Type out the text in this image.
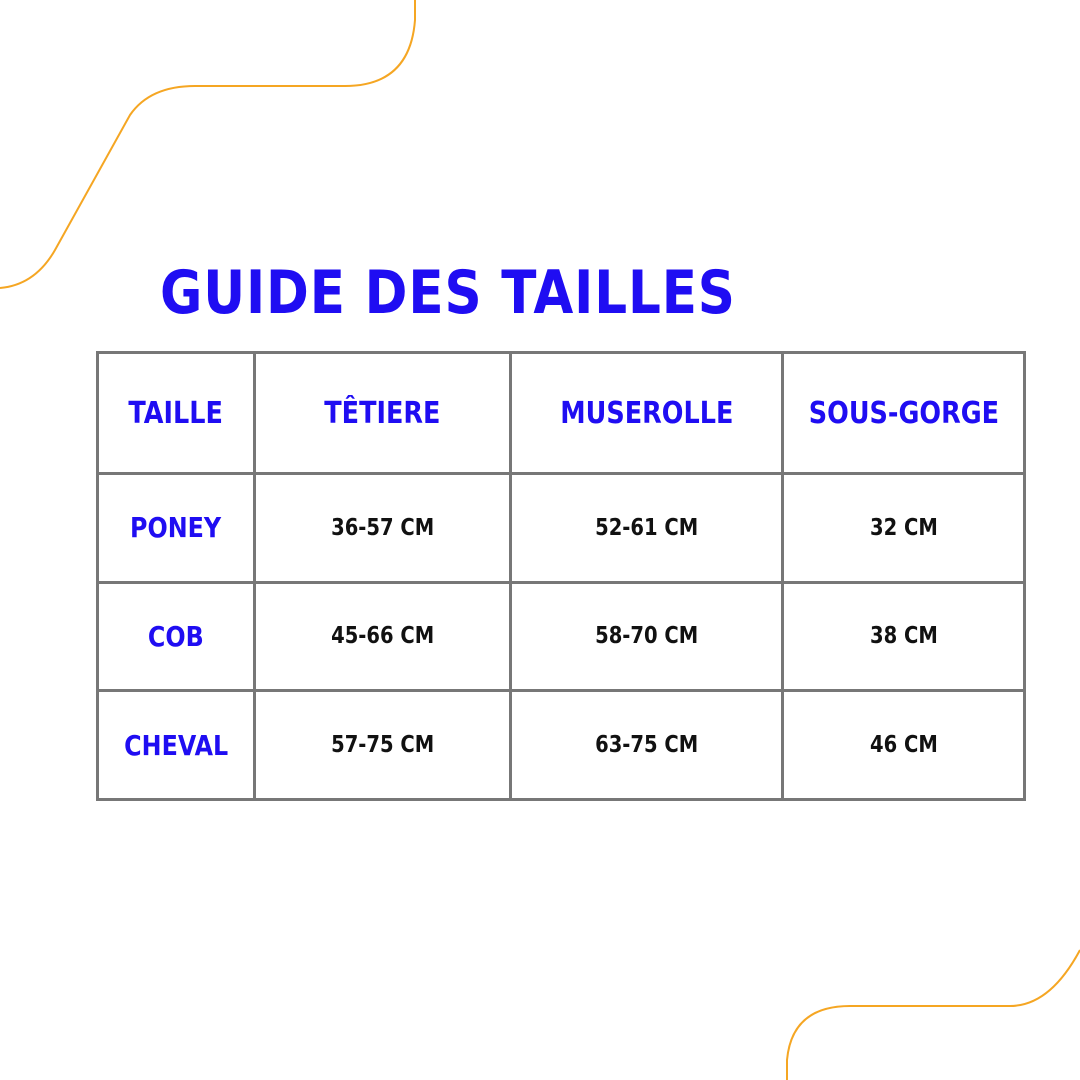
GUIDE DES TAILLES
TAILLE	TÊTIERE	MUSEROLLE	SOUS-GORGE
PONEY	36-57 CM	52-61 CM	32 CM
COB	45-66 CM	58-70 CM	38 CM
CHEVAL	57-75 CM	63-75 CM	46 CM
